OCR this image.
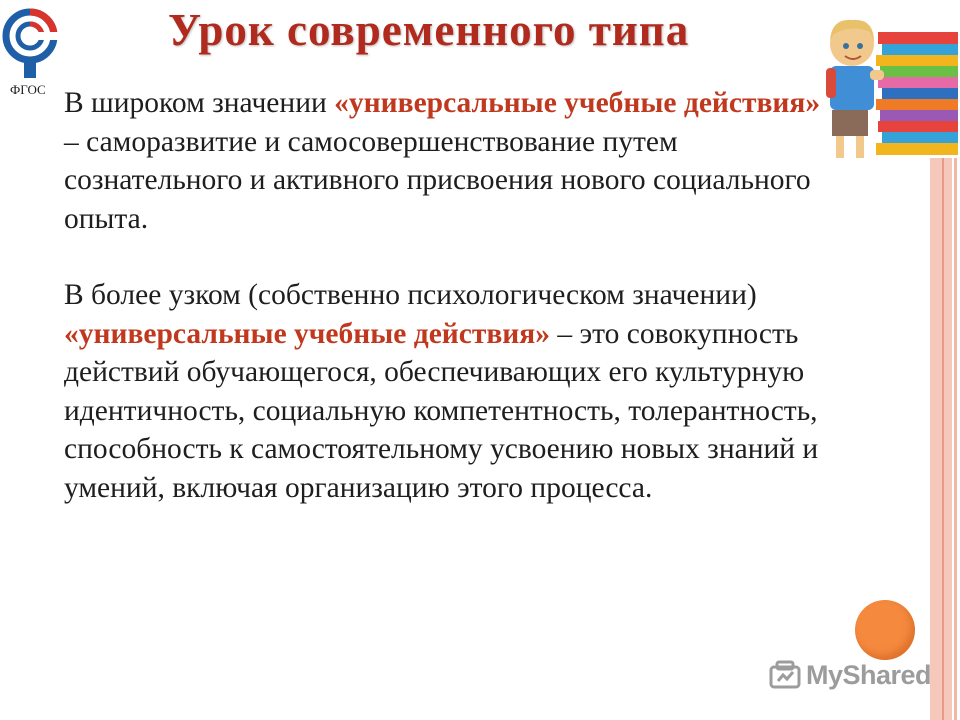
ФГОС
Урок современного типа

В широком значении «универсальные учебные действия» – саморазвитие и самосовершенствование путем сознательного и активного присвоения нового социального опыта.

В более узком (собственно психологическом значении) «универсальные учебные действия» – это совокупность действий обучающегося, обеспечивающих его культурную идентичность, социальную компетентность, толерантность, способность к самостоятельному усвоению новых знаний и умений, включая организацию этого процесса.

MyShared
